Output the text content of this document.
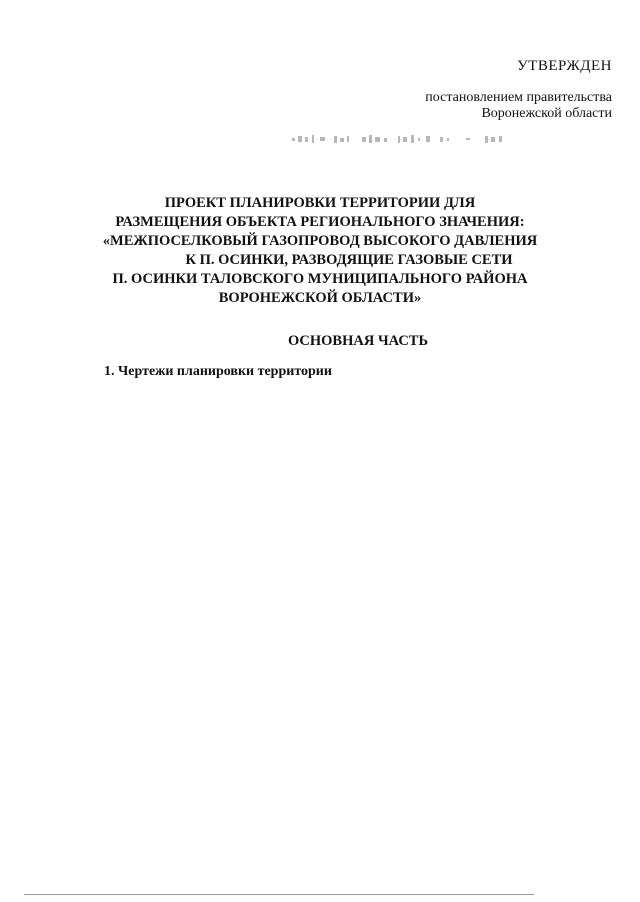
УТВЕРЖДЕН
постановлением правительства
Воронежской области
ПРОЕКТ ПЛАНИРОВКИ ТЕРРИТОРИИ ДЛЯ
РАЗМЕЩЕНИЯ ОБЪЕКТА РЕГИОНАЛЬНОГО ЗНАЧЕНИЯ:
«МЕЖПОСЕЛКОВЫЙ ГАЗОПРОВОД ВЫСОКОГО ДАВЛЕНИЯ
К П. ОСИНКИ, РАЗВОДЯЩИЕ ГАЗОВЫЕ СЕТИ
П. ОСИНКИ ТАЛОВСКОГО МУНИЦИПАЛЬНОГО РАЙОНА
ВОРОНЕЖСКОЙ ОБЛАСТИ»
ОСНОВНАЯ ЧАСТЬ
1. Чертежи планировки территории
